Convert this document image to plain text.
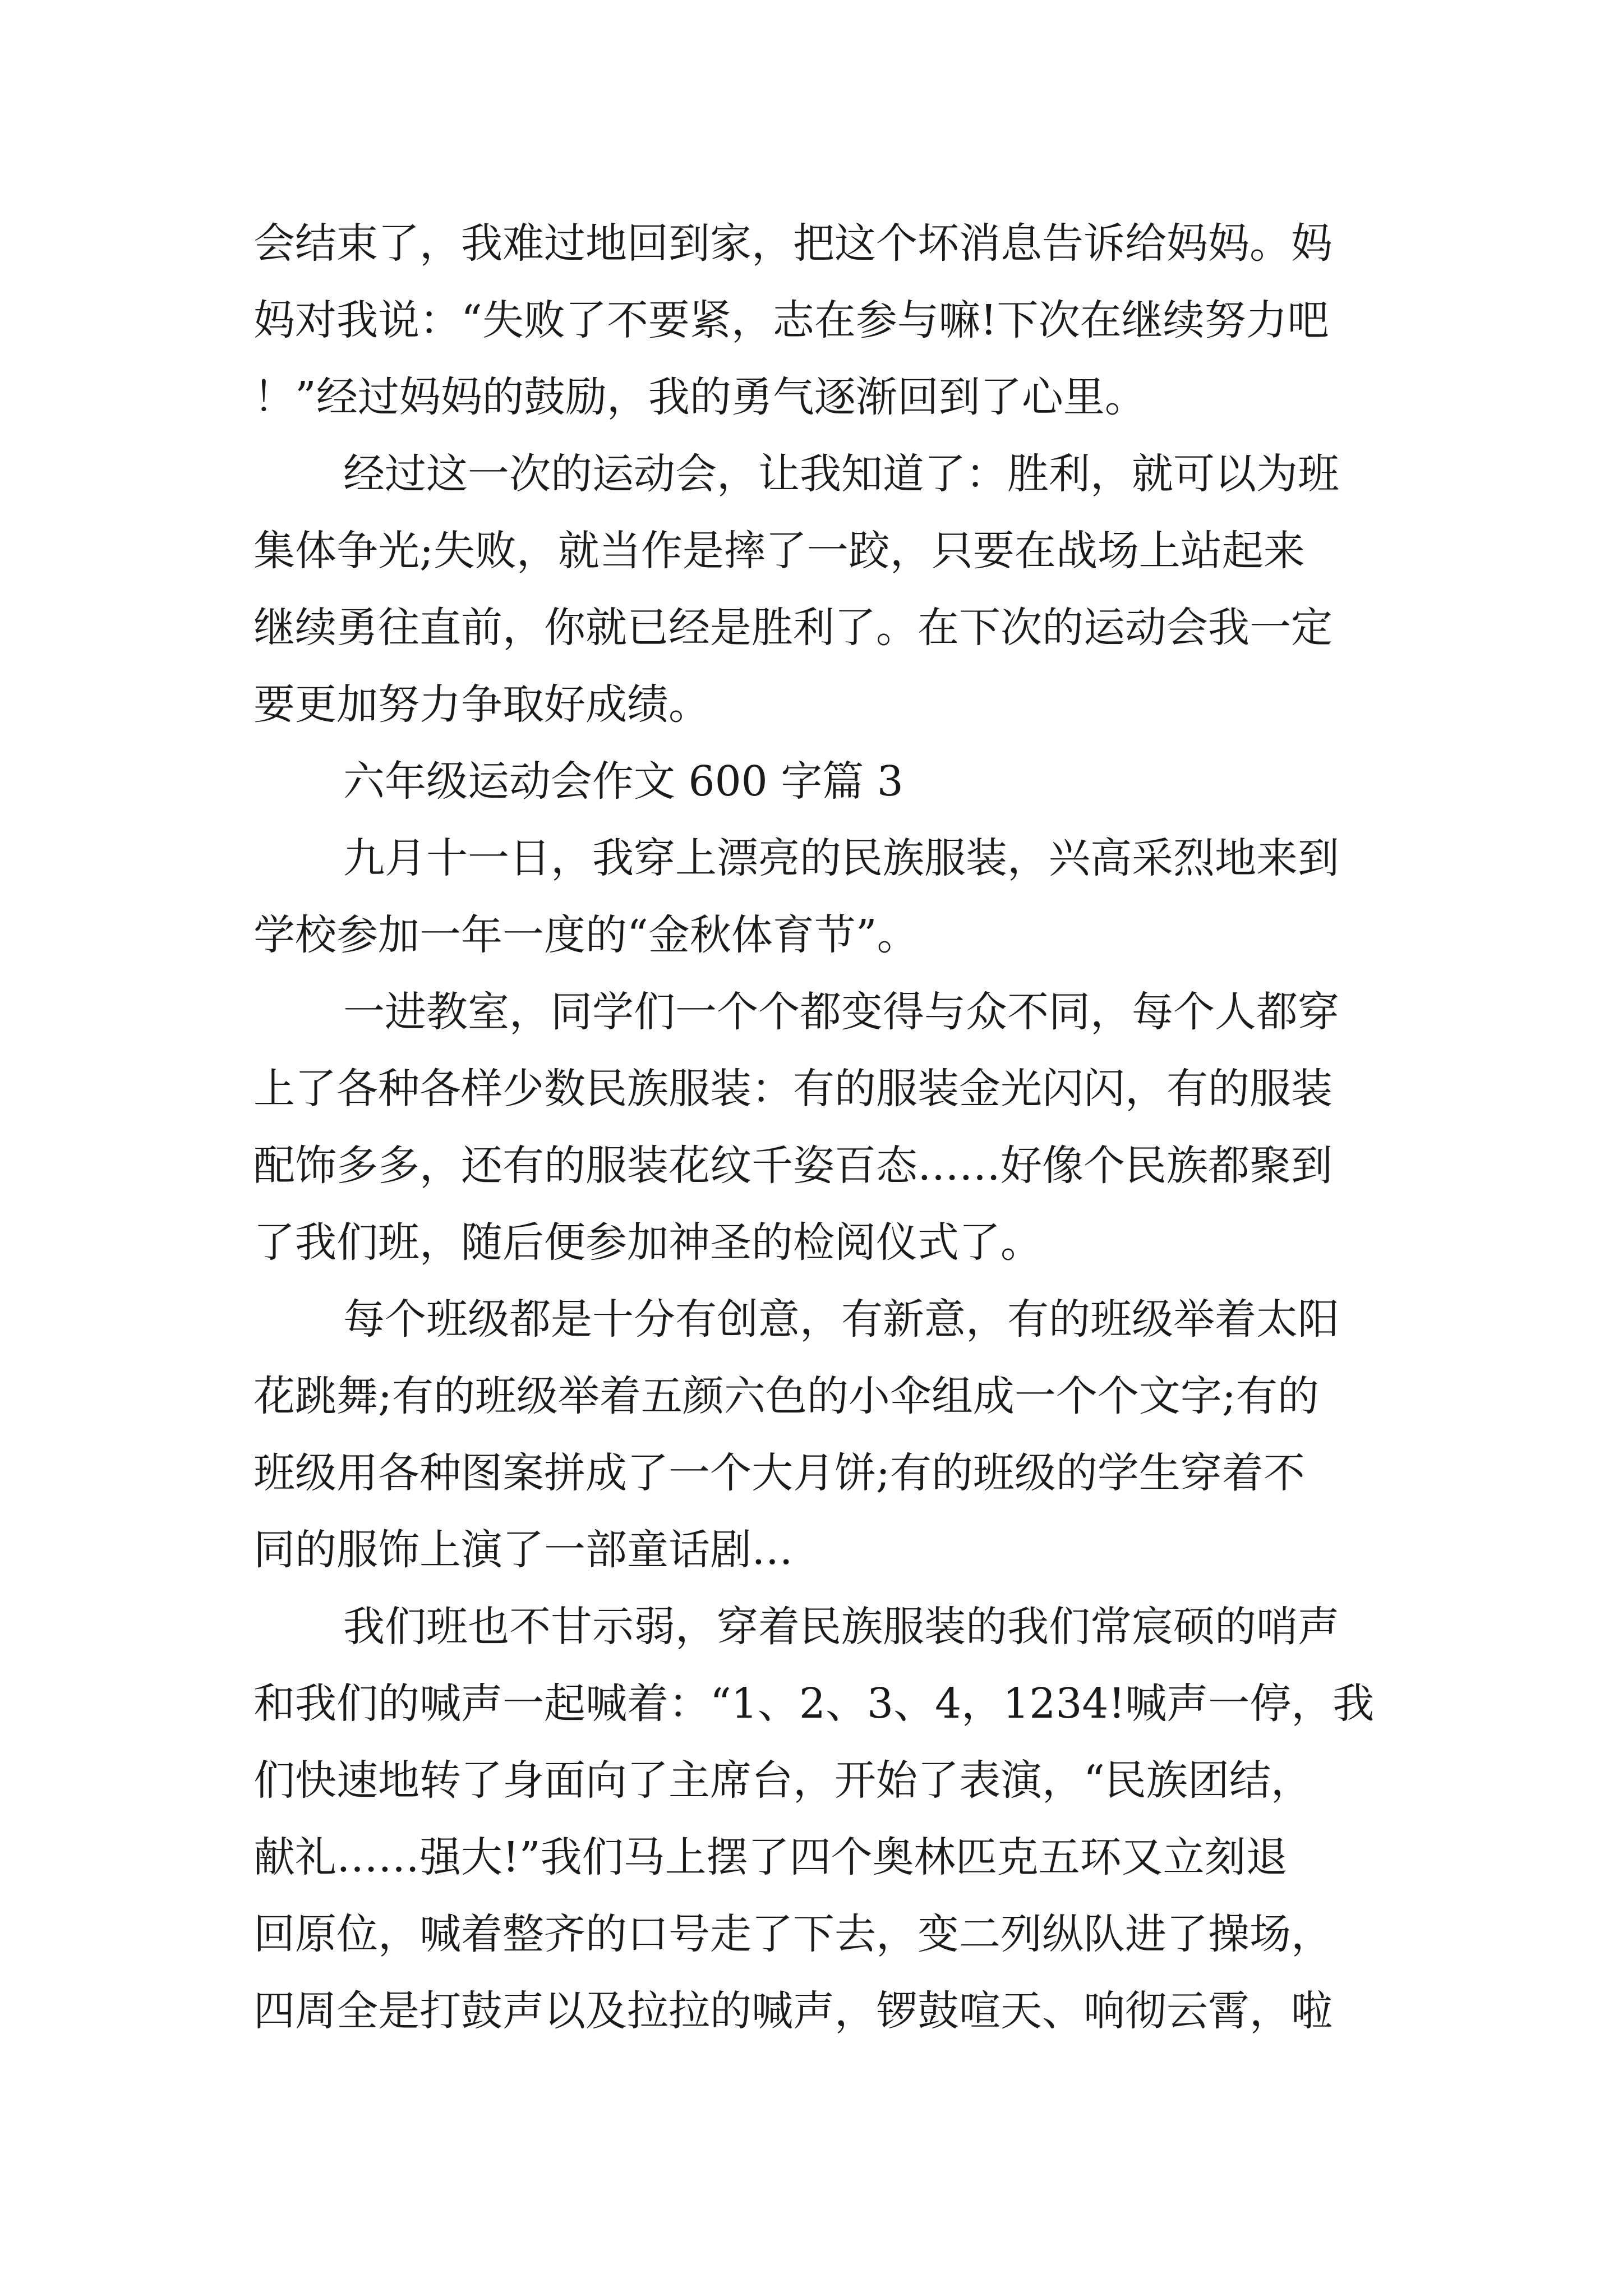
会结束了，我难过地回到家，把这个坏消息告诉给妈妈。妈
妈对我说：“失败了不要紧，志在参与嘛!下次在继续努力吧
！”经过妈妈的鼓励，我的勇气逐渐回到了心里。
经过这一次的运动会，让我知道了：胜利，就可以为班
集体争光;失败，就当作是摔了一跤，只要在战场上站起来
继续勇往直前，你就已经是胜利了。在下次的运动会我一定
要更加努力争取好成绩。
六年级运动会作文 600 字篇 3
九月十一日，我穿上漂亮的民族服装，兴高采烈地来到
学校参加一年一度的“金秋体育节”。
一进教室，同学们一个个都变得与众不同，每个人都穿
上了各种各样少数民族服装：有的服装金光闪闪，有的服装
配饰多多，还有的服装花纹千姿百态……好像个民族都聚到
了我们班，随后便参加神圣的检阅仪式了。
每个班级都是十分有创意，有新意，有的班级举着太阳
花跳舞;有的班级举着五颜六色的小伞组成一个个文字;有的
班级用各种图案拼成了一个大月饼;有的班级的学生穿着不
同的服饰上演了一部童话剧…
我们班也不甘示弱，穿着民族服装的我们常宸硕的哨声
和我们的喊声一起喊着：“1、2、3、4，1234!喊声一停，我
们快速地转了身面向了主席台，开始了表演，“民族团结，
献礼……强大!”我们马上摆了四个奥林匹克五环又立刻退
回原位，喊着整齐的口号走了下去，变二列纵队进了操场，
四周全是打鼓声以及拉拉的喊声，锣鼓喧天、响彻云霄，啦
